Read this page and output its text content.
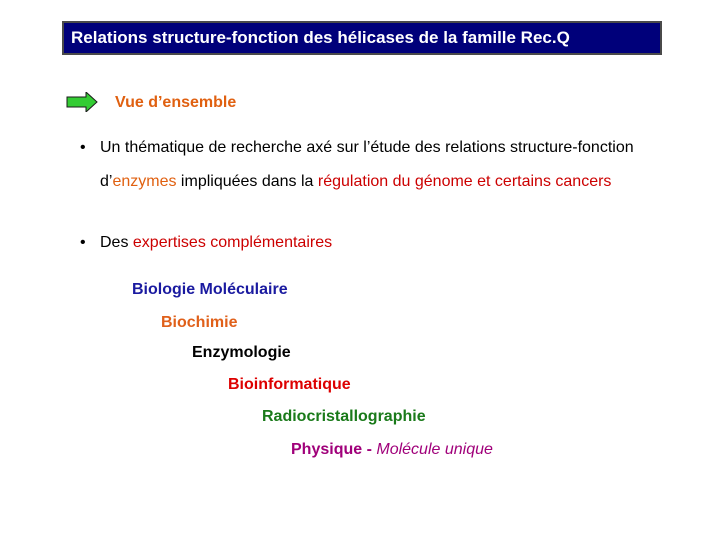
Relations structure-fonction des hélicases de la famille Rec.Q
Vue d’ensemble
• Un thématique de recherche axé sur l’étude des relations structure-fonction
d’enzymes impliquées dans la régulation du génome et certains cancers
• Des expertises complémentaires
Biologie Moléculaire
Biochimie
Enzymologie
Bioinformatique
Radiocristallographie
Physique - Molécule unique
